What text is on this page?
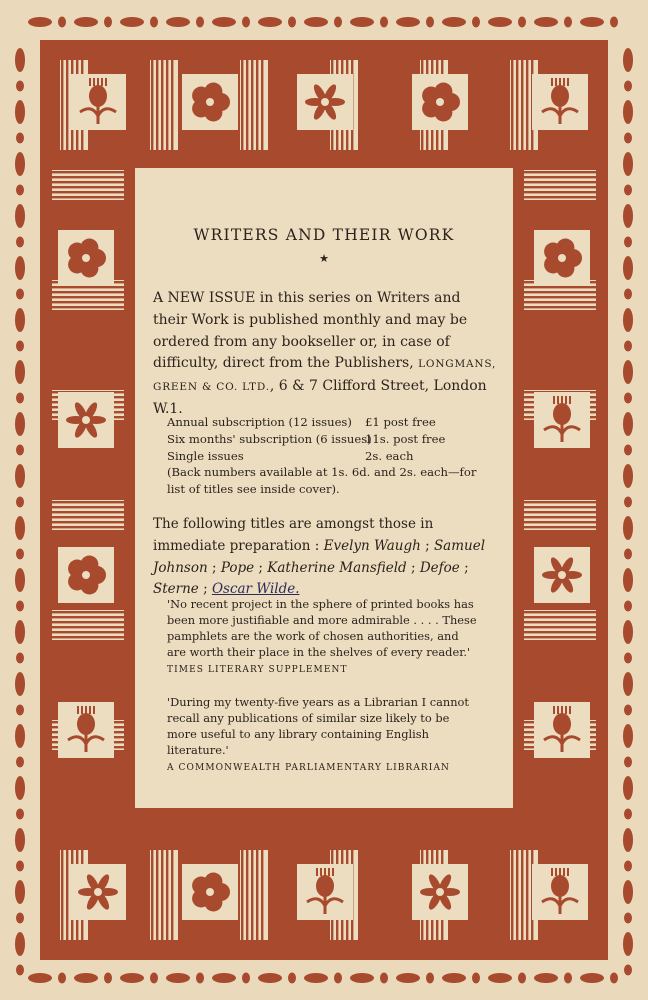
WRITERS AND THEIR WORK
★
A NEW ISSUE in this series on Writers and their Work is published monthly and may be ordered from any bookseller or, in case of difficulty, direct from the Publishers, LONGMANS, GREEN & CO. LTD., 6 & 7 Clifford Street, London W.1.
Annual subscription (12 issues) £1 post free
Six months' subscription (6 issues)
11s. post free
Single issues	2s. each
(Back numbers available at 1s. 6d. and 2s. each—for list of titles see inside cover).
The following titles are amongst those in immediate preparation : Evelyn Waugh ; Samuel Johnson ; Pope ; Katherine Mansfield ; Defoe ; Sterne ; Oscar Wilde.
'No recent project in the sphere of printed books has been more justifiable and more admirable . . . . These pamphlets are the work of chosen authorities, and are worth their place in the shelves of every reader.'
TIMES LITERARY SUPPLEMENT
'During my twenty-five years as a Librarian I cannot recall any publications of similar size likely to be more useful to any library containing English literature.'
A COMMONWEALTH PARLIAMENTARY LIBRARIAN
